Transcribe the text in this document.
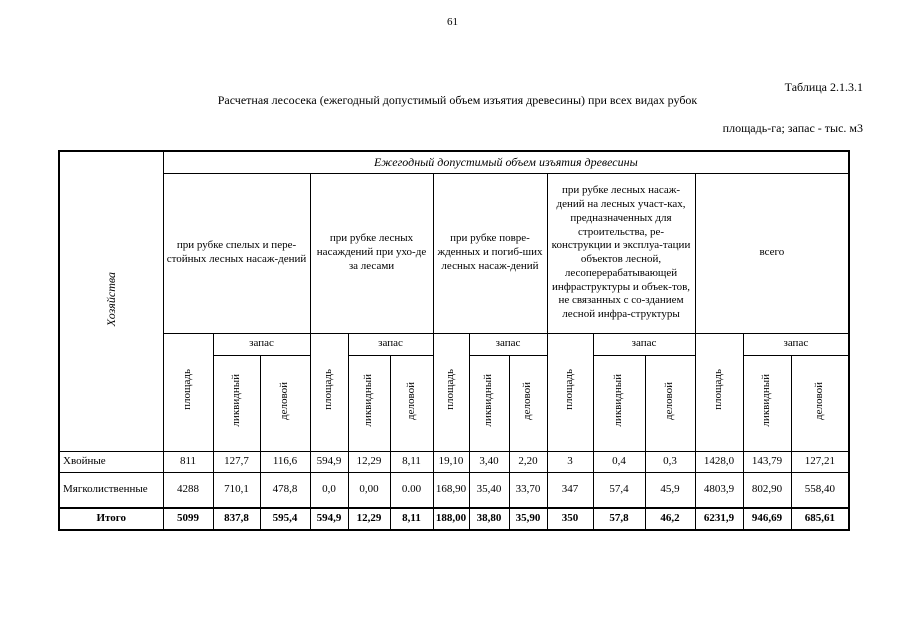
61
Таблица 2.1.3.1
Расчетная лесосека (ежегодный допустимый объем изъятия древесины) при всех видах рубок
площадь-га; запас - тыс. м3
Хозяйства	Ежегодный допустимый объем изъятия древесины														

	при рубке спелых и пере-стойных лесных насаж-дений			при рубке лесных насаждений при ухо-де за лесами			при рубке повре-жденных и погиб-ших лесных насаж-дений			при рубке лесных насаж-дений на лесных участ-ках, предназначенных для строительства, ре-конструкции и эксплуа-тации объектов лесной, лесоперерабатывающей инфраструктуры и объек-тов, не связанных с со-зданием лесной инфра-структуры			всего		

	площадь	запас		площадь	запас		площадь	запас		площадь	запас		площадь	запас	
		ликвидный	деловой		ликвидный	деловой		ликвидный	деловой		ликвидный	деловой		ликвидный	деловой
Хвойные	811	127,7	116,6	594,9	12,29	8,11	19,10	3,40	2,20	3	0,4	0,3	1428,0	143,79	127,21
Мягколиственные	4288	710,1	478,8	0,0	0,00	0.00	168,90	35,40	33,70	347	57,4	45,9	4803,9	802,90	558,40
Итого	5099	837,8	595,4	594,9	12,29	8,11	188,00	38,80	35,90	350	57,8	46,2	6231,9	946,69	685,61
